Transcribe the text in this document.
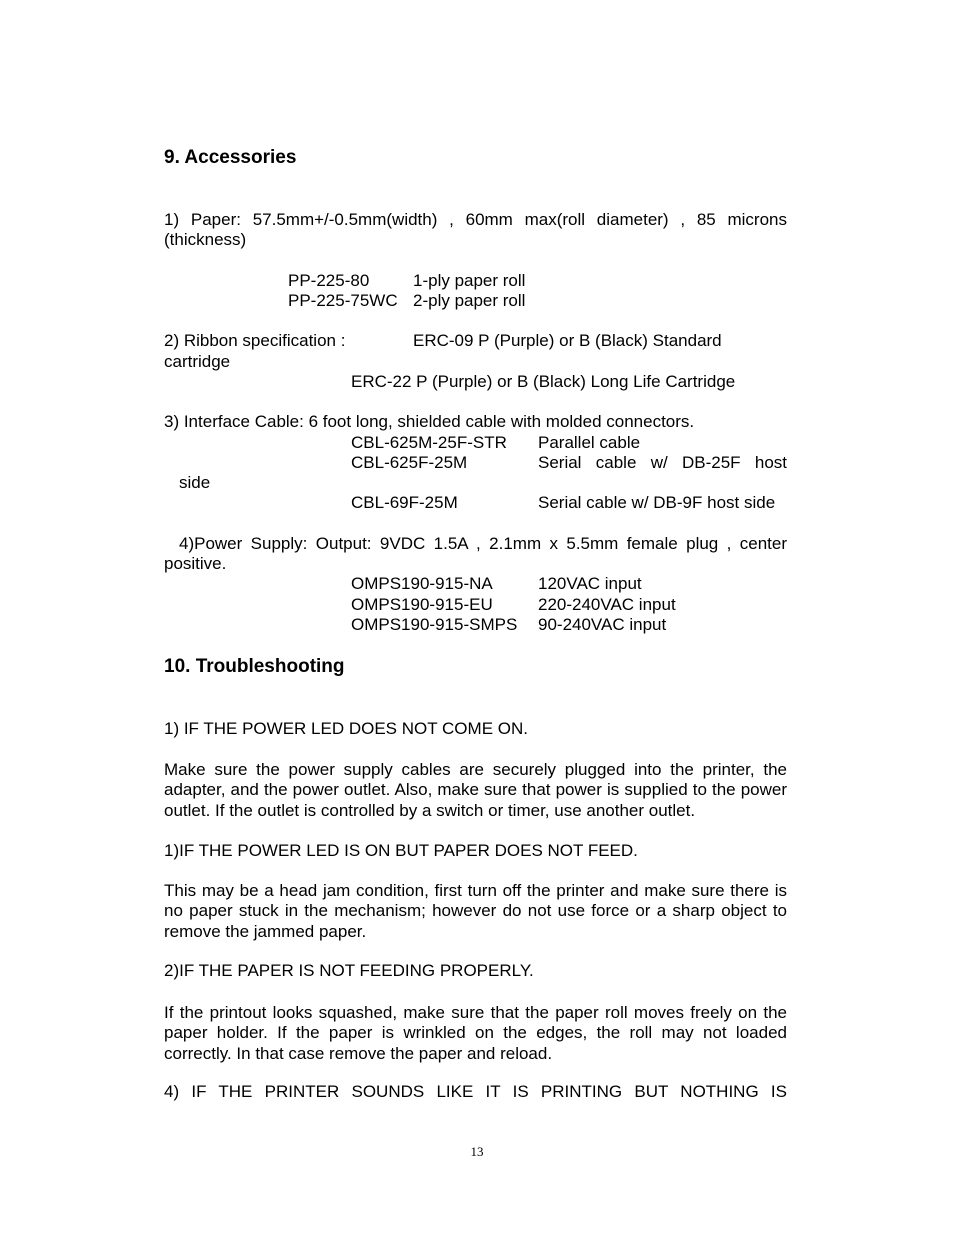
9. Accessories
1) Paper: 57.5mm+/-0.5mm(width) , 60mm max(roll diameter) , 85 microns (thickness)
PP-225-80	1-ply paper roll
PP-225-75WC 2-ply paper roll
2) Ribbon specification :	ERC-09 P (Purple) or B (Black) Standard
cartridge
ERC-22 P (Purple) or B (Black) Long Life Cartridge
3) Interface Cable: 6 foot long, shielded cable with molded connectors.
CBL-625M-25F-STR Parallel cable
CBL-625F-25M	Serial cable w/ DB-25F host
side
CBL-69F-25M	Serial cable w/ DB-9F host side
4)Power Supply: Output: 9VDC 1.5A , 2.1mm x 5.5mm female plug , center
positive.
OMPS190-915-NA	120VAC input
OMPS190-915-EU	220-240VAC input
OMPS190-915-SMPS 90-240VAC input
10. Troubleshooting
1) IF THE POWER LED DOES NOT COME ON.
Make sure the power supply cables are securely plugged into the printer, the adapter, and the power outlet. Also, make sure that power is supplied to the power outlet. If the outlet is controlled by a switch or timer, use another outlet.
1)IF THE POWER LED IS ON BUT PAPER DOES NOT FEED.
This may be a head jam condition, first turn off the printer and make sure there is no paper stuck in the mechanism; however do not use force or a sharp object to remove the jammed paper.
2)IF THE PAPER IS NOT FEEDING PROPERLY.
If the printout looks squashed, make sure that the paper roll moves freely on the paper holder. If the paper is wrinkled on the edges, the roll may not loaded correctly. In that case remove the paper and reload.
4) IF THE PRINTER SOUNDS LIKE IT IS PRINTING BUT NOTHING IS
13
